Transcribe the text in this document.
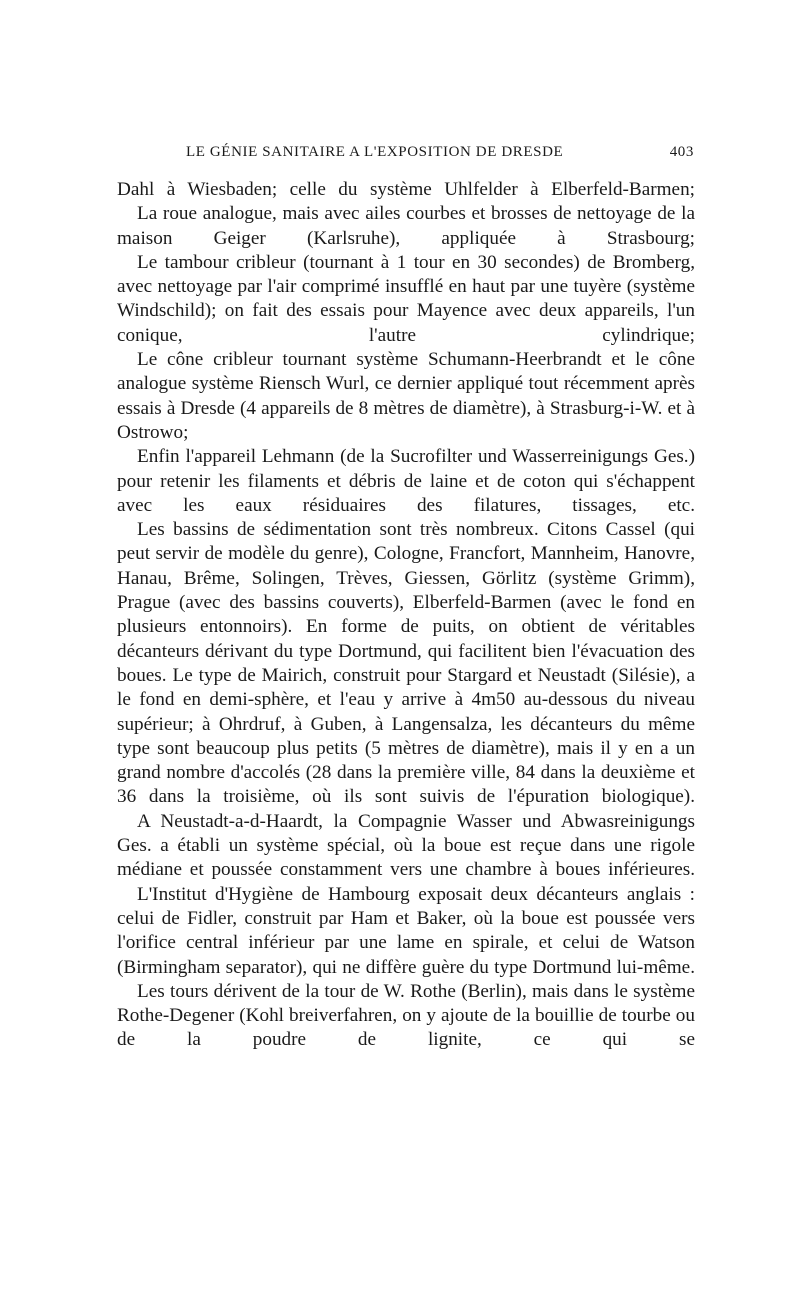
LE GÉNIE SANITAIRE A L'EXPOSITION DE DRESDE	403

Dahl à Wiesbaden; celle du système Uhlfelder à Elberfeld-Barmen;

La roue analogue, mais avec ailes courbes et brosses de nettoyage de la maison Geiger (Karlsruhe), appliquée à Strasbourg;

Le tambour cribleur (tournant à 1 tour en 30 secondes) de Bromberg, avec nettoyage par l'air comprimé insufflé en haut par une tuyère (système Windschild); on fait des essais pour Mayence avec deux appareils, l'un conique, l'autre cylindrique;

Le cône cribleur tournant système Schumann-Heerbrandt et le cône analogue système Riensch Wurl, ce dernier appliqué tout récemment après essais à Dresde (4 appareils de 8 mètres de diamètre), à Strasburg-i-W. et à Ostrowo;

Enfin l'appareil Lehmann (de la Sucrofilter und Wasserreinigungs Ges.) pour retenir les filaments et débris de laine et de coton qui s'échappent avec les eaux résiduaires des filatures, tissages, etc.

Les bassins de sédimentation sont très nombreux. Citons Cassel (qui peut servir de modèle du genre), Cologne, Francfort, Mannheim, Hanovre, Hanau, Brême, Solingen, Trèves, Giessen, Görlitz (système Grimm), Prague (avec des bassins couverts), Elberfeld-Barmen (avec le fond en plusieurs entonnoirs). En forme de puits, on obtient de véritables décanteurs dérivant du type Dortmund, qui facilitent bien l'évacuation des boues. Le type de Mairich, construit pour Stargard et Neustadt (Silésie), a le fond en demi-sphère, et l'eau y arrive à 4m50 au-dessous du niveau supérieur; à Ohrdruf, à Guben, à Langensalza, les décanteurs du même type sont beaucoup plus petits (5 mètres de diamètre), mais il y en a un grand nombre d'accolés (28 dans la première ville, 84 dans la deuxième et 36 dans la troisième, où ils sont suivis de l'épuration biologique).

A Neustadt-a-d-Haardt, la Compagnie Wasser und Abwasreinigungs Ges. a établi un système spécial, où la boue est reçue dans une rigole médiane et poussée constamment vers une chambre à boues inférieures.

L'Institut d'Hygiène de Hambourg exposait deux décanteurs anglais : celui de Fidler, construit par Ham et Baker, où la boue est poussée vers l'orifice central inférieur par une lame en spirale, et celui de Watson (Birmingham separator), qui ne diffère guère du type Dortmund lui-même.

Les tours dérivent de la tour de W. Rothe (Berlin), mais dans le système Rothe-Degener (Kohl breiverfahren, on y ajoute de la bouillie de tourbe ou de la poudre de lignite, ce qui se
